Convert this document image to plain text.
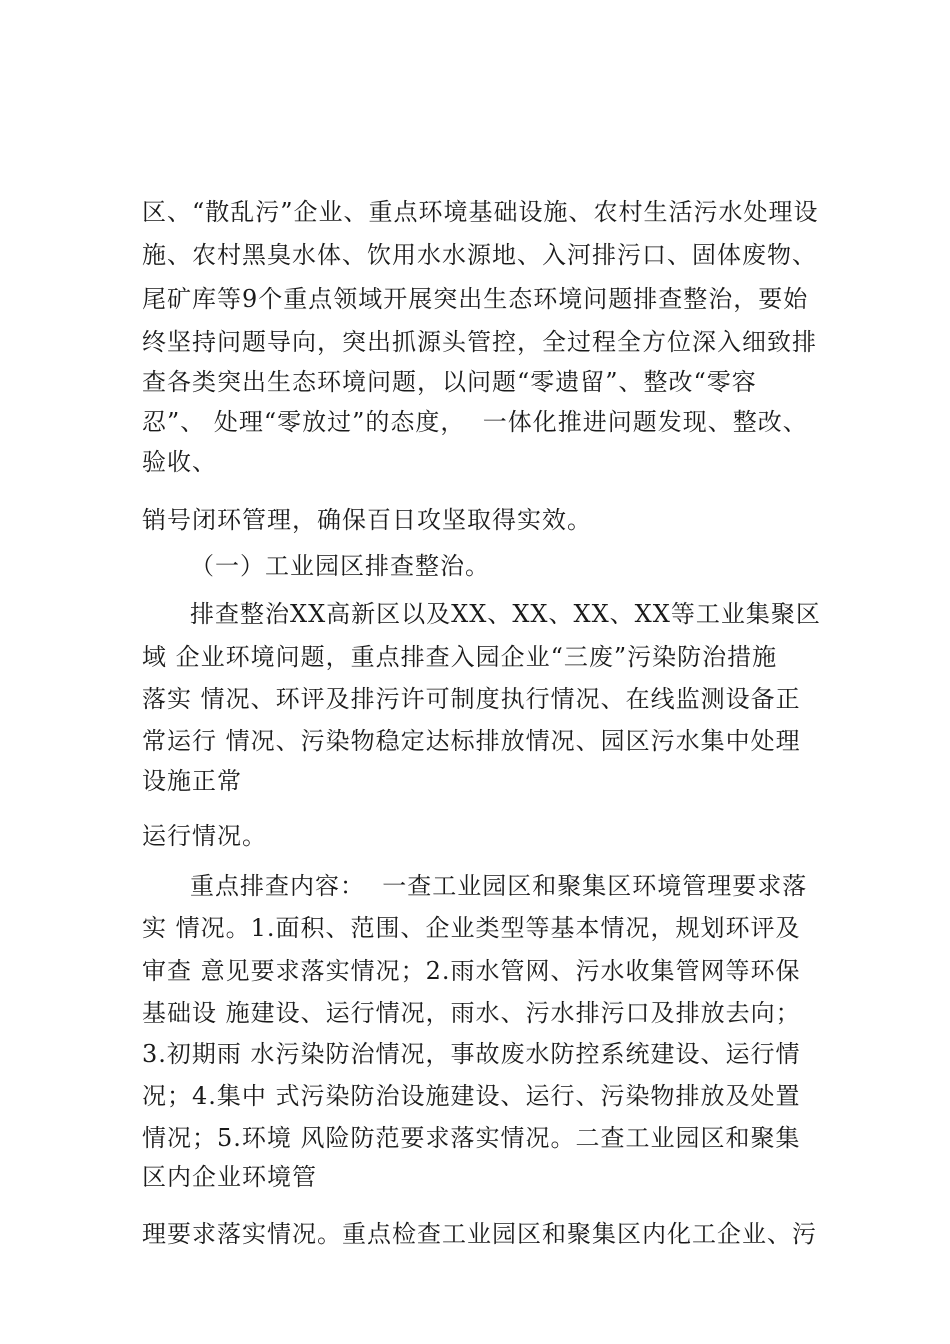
区、“散乱污”企业、重点环境基础设施、农村生活污水处理设
施、农村黑臭水体、饮用水水源地、入河排污口、固体废物、
尾矿库等9个重点领域开展突出生态环境问题排查整治，要始
终坚持问题导向，突出抓源头管控，全过程全方位深入细致排
查各类突出生态环境问题，以问题“零遗留”、整改“零容
忍”、 处理“零放过”的态度，  一体化推进问题发现、整改、
验收、
销号闭环管理，确保百日攻坚取得实效。
（一）工业园区排查整治。
排查整治XX高新区以及XX、XX、XX、XX等工业集聚区
域 企业环境问题，重点排查入园企业“三废”污染防治措施
落实 情况、环评及排污许可制度执行情况、在线监测设备正
常运行 情况、污染物稳定达标排放情况、园区污水集中处理
设施正常
运行情况。
重点排查内容：  一查工业园区和聚集区环境管理要求落
实 情况。1.面积、范围、企业类型等基本情况，规划环评及
审查 意见要求落实情况；2.雨水管网、污水收集管网等环保
基础设 施建设、运行情况，雨水、污水排污口及排放去向；
3.初期雨 水污染防治情况，事故废水防控系统建设、运行情
况；4.集中 式污染防治设施建设、运行、污染物排放及处置
情况；5.环境 风险防范要求落实情况。二查工业园区和聚集
区内企业环境管
理要求落实情况。重点检查工业园区和聚集区内化工企业、污
